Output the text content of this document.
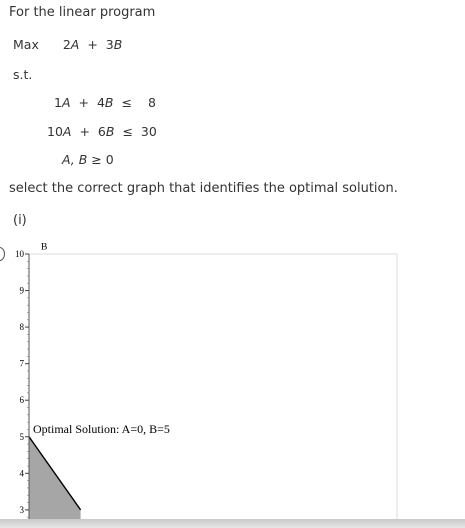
For the linear program
Max 2A + 3B
s.t.
1A + 4B ≤ 8
10A + 6B ≤ 30
A, B ≥ 0
select the correct graph that identifies the optimal solution.
(i)
10
9
8
7
6
5
4
3
B
Optimal Solution: A=0, B=5
